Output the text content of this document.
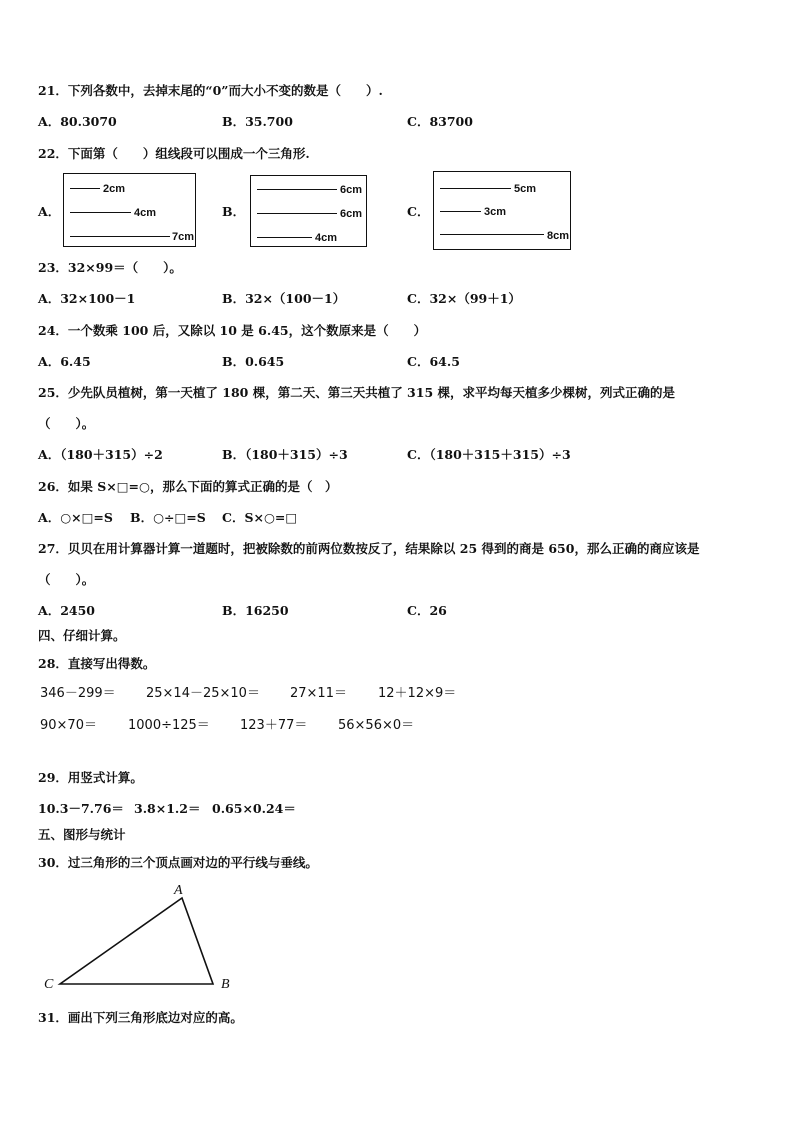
21．下列各数中，去掉末尾的“0”而大小不变的数是（　　）.
A．80.3070	B．35.700	C．83700
22．下面第（　　）组线段可以围成一个三角形.
A．	B．	C．
2cm
4cm
7cm
6cm
6cm
4cm
5cm
3cm
8cm
23．32×99＝（　　）。
A．32×100－1	B．32×（100－1）	C．32×（99＋1）
24．一个数乘 100 后，又除以 10 是 6.45，这个数原来是（　　）
A．6.45	B．0.645	C．64.5
25．少先队员植树，第一天植了 180 棵，第二天、第三天共植了 315 棵，求平均每天植多少棵树，列式正确的是
（　　）。
A．（180＋315）÷2	B．（180＋315）÷3	C．（180＋315＋315）÷3
26．如果 S×□=○，那么下面的算式正确的是（　）
A．○×□=S B．○÷□=S C．S×○=□
27．贝贝在用计算器计算一道题时，把被除数的前两位数按反了，结果除以 25 得到的商是 650，那么正确的商应该是
（　　）。
A．2450	B．16250	C．26
四、仔细计算。
28．直接写出得数。
346－299＝ 25×14－25×10＝ 27×11＝ 12＋12×9＝
90×70＝ 1000÷125＝ 123＋77＝ 56×56×0＝
29．用竖式计算。
10.3－7.76＝ 3.8×1.2＝ 0.65×0.24＝
五、图形与统计
30．过三角形的三个顶点画对边的平行线与垂线。
A
B
C
31．画出下列三角形底边对应的高。
